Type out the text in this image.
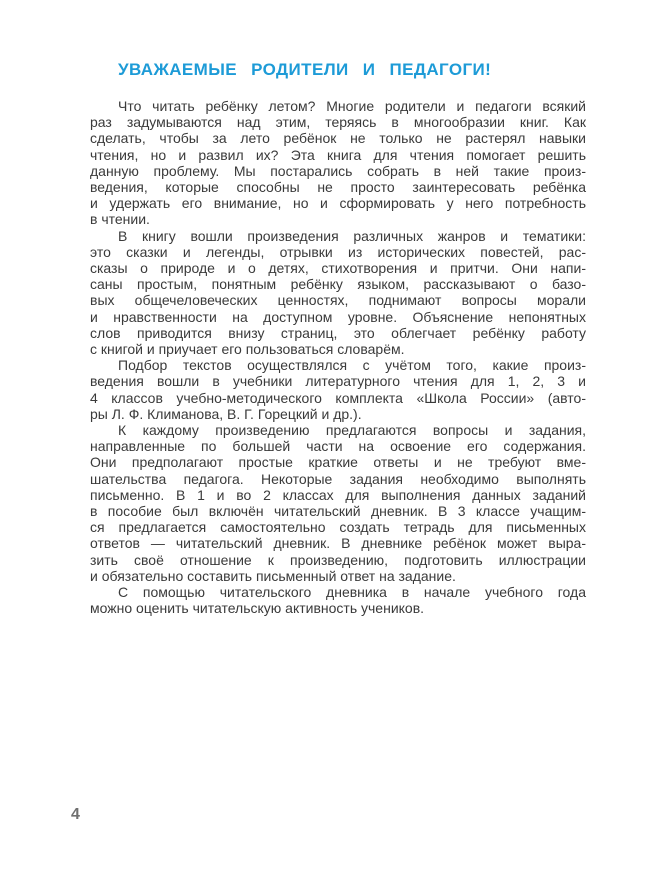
УВАЖАЕМЫЕ РОДИТЕЛИ И ПЕДАГОГИ!
Что читать ребёнку летом? Многие родители и педагоги всякий
раз задумываются над этим, теряясь в многообразии книг. Как
сделать, чтобы за лето ребёнок не только не растерял навыки
чтения, но и развил их? Эта книга для чтения помогает решить
данную проблему. Мы постарались собрать в ней такие произ-
ведения, которые способны не просто заинтересовать ребёнка
и удержать его внимание, но и сформировать у него потребность
в чтении.
В книгу вошли произведения различных жанров и тематики:
это сказки и легенды, отрывки из исторических повестей, рас-
сказы о природе и о детях, стихотворения и притчи. Они напи-
саны простым, понятным ребёнку языком, рассказывают о базо-
вых общечеловеческих ценностях, поднимают вопросы морали
и нравственности на доступном уровне. Объяснение непонятных
слов приводится внизу страниц, это облегчает ребёнку работу
с книгой и приучает его пользоваться словарём.
Подбор текстов осуществлялся с учётом того, какие произ-
ведения вошли в учебники литературного чтения для 1, 2, 3 и
4 классов учебно-методического комплекта «Школа России» (авто-
ры Л. Ф. Климанова, В. Г. Горецкий и др.).
К каждому произведению предлагаются вопросы и задания,
направленные по большей части на освоение его содержания.
Они предполагают простые краткие ответы и не требуют вме-
шательства педагога. Некоторые задания необходимо выполнять
письменно. В 1 и во 2 классах для выполнения данных заданий
в пособие был включён читательский дневник. В 3 классе учащим-
ся предлагается самостоятельно создать тетрадь для письменных
ответов — читательский дневник. В дневнике ребёнок может выра-
зить своё отношение к произведению, подготовить иллюстрации
и обязательно составить письменный ответ на задание.
С помощью читательского дневника в начале учебного года
можно оценить читательскую активность учеников.
4
